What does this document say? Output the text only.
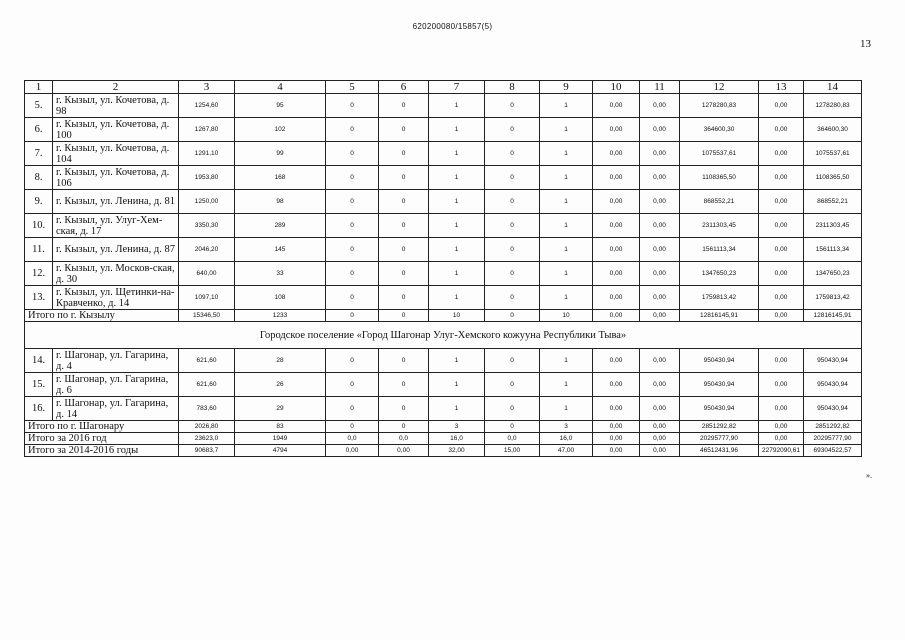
620200080/15857(5)
13
1	2	3	4	5	6	7	8	9	10	11	12	13	14
5.	г. Кызыл, ул. Кочетова, д. 98	1254,60	95	0	0	1	0	1	0,00	0,00	1278280,83	0,00	1278280,83
6.	г. Кызыл, ул. Кочетова, д. 100	1267,80	102	0	0	1	0	1	0,00	0,00	364600,30	0,00	364600,30
7.	г. Кызыл, ул. Кочетова, д. 104	1291,10	99	0	0	1	0	1	0,00	0,00	1075537,61	0,00	1075537,61
8.	г. Кызыл, ул. Кочетова, д. 106	1953,80	168	0	0	1	0	1	0,00	0,00	1108365,50	0,00	1108365,50
9.	г. Кызыл, ул. Ленина, д. 81	1250,00	98	0	0	1	0	1	0,00	0,00	868552,21	0,00	868552,21
10.	г. Кызыл, ул. Улуг-Хем-ская, д. 17	3350,30	289	0	0	1	0	1	0,00	0,00	2311303,45	0,00	2311303,45
11.	г. Кызыл, ул. Ленина, д. 87	2046,20	145	0	0	1	0	1	0,00	0,00	1561113,34	0,00	1561113,34
12.	г. Кызыл, ул. Москов-ская, д. 30	640,00	33	0	0	1	0	1	0,00	0,00	1347650,23	0,00	1347650,23
13.	г. Кызыл, ул. Щетинки-на-Кравченко, д. 14	1097,10	108	0	0	1	0	1	0,00	0,00	1759813,42	0,00	1759813,42
Итого по г. Кызылу		15346,50	1233	0	0	10	0	10	0,00	0,00	12816145,91	0,00	12816145,91
Городское поселение «Город Шагонар Улуг-Хемского кожууна Республики Тыва»													
14.	г. Шагонар, ул. Гагарина, д. 4	621,60	28	0	0	1	0	1	0,00	0,00	950430,94	0,00	950430,94
15.	г. Шагонар, ул. Гагарина, д. 6	621,60	26	0	0	1	0	1	0,00	0,00	950430,94	0,00	950430,94
16.	г. Шагонар, ул. Гагарина, д. 14	783,60	29	0	0	1	0	1	0,00	0,00	950430,94	0,00	950430,94
Итого по г. Шагонару		2026,80	83	0	0	3	0	3	0,00	0,00	2851292,82	0,00	2851292,82
Итого за 2016 год		23623,0	1949	0,0	0,0	16,0	0,0	16,0	0,00	0,00	20295777,90	0,00	20295777,90
Итого за 2014-2016 годы		90683,7	4794	0,00	0,00	32,00	15,00	47,00	0,00	0,00	46512431,96	22792090,61	69304522,57
».
